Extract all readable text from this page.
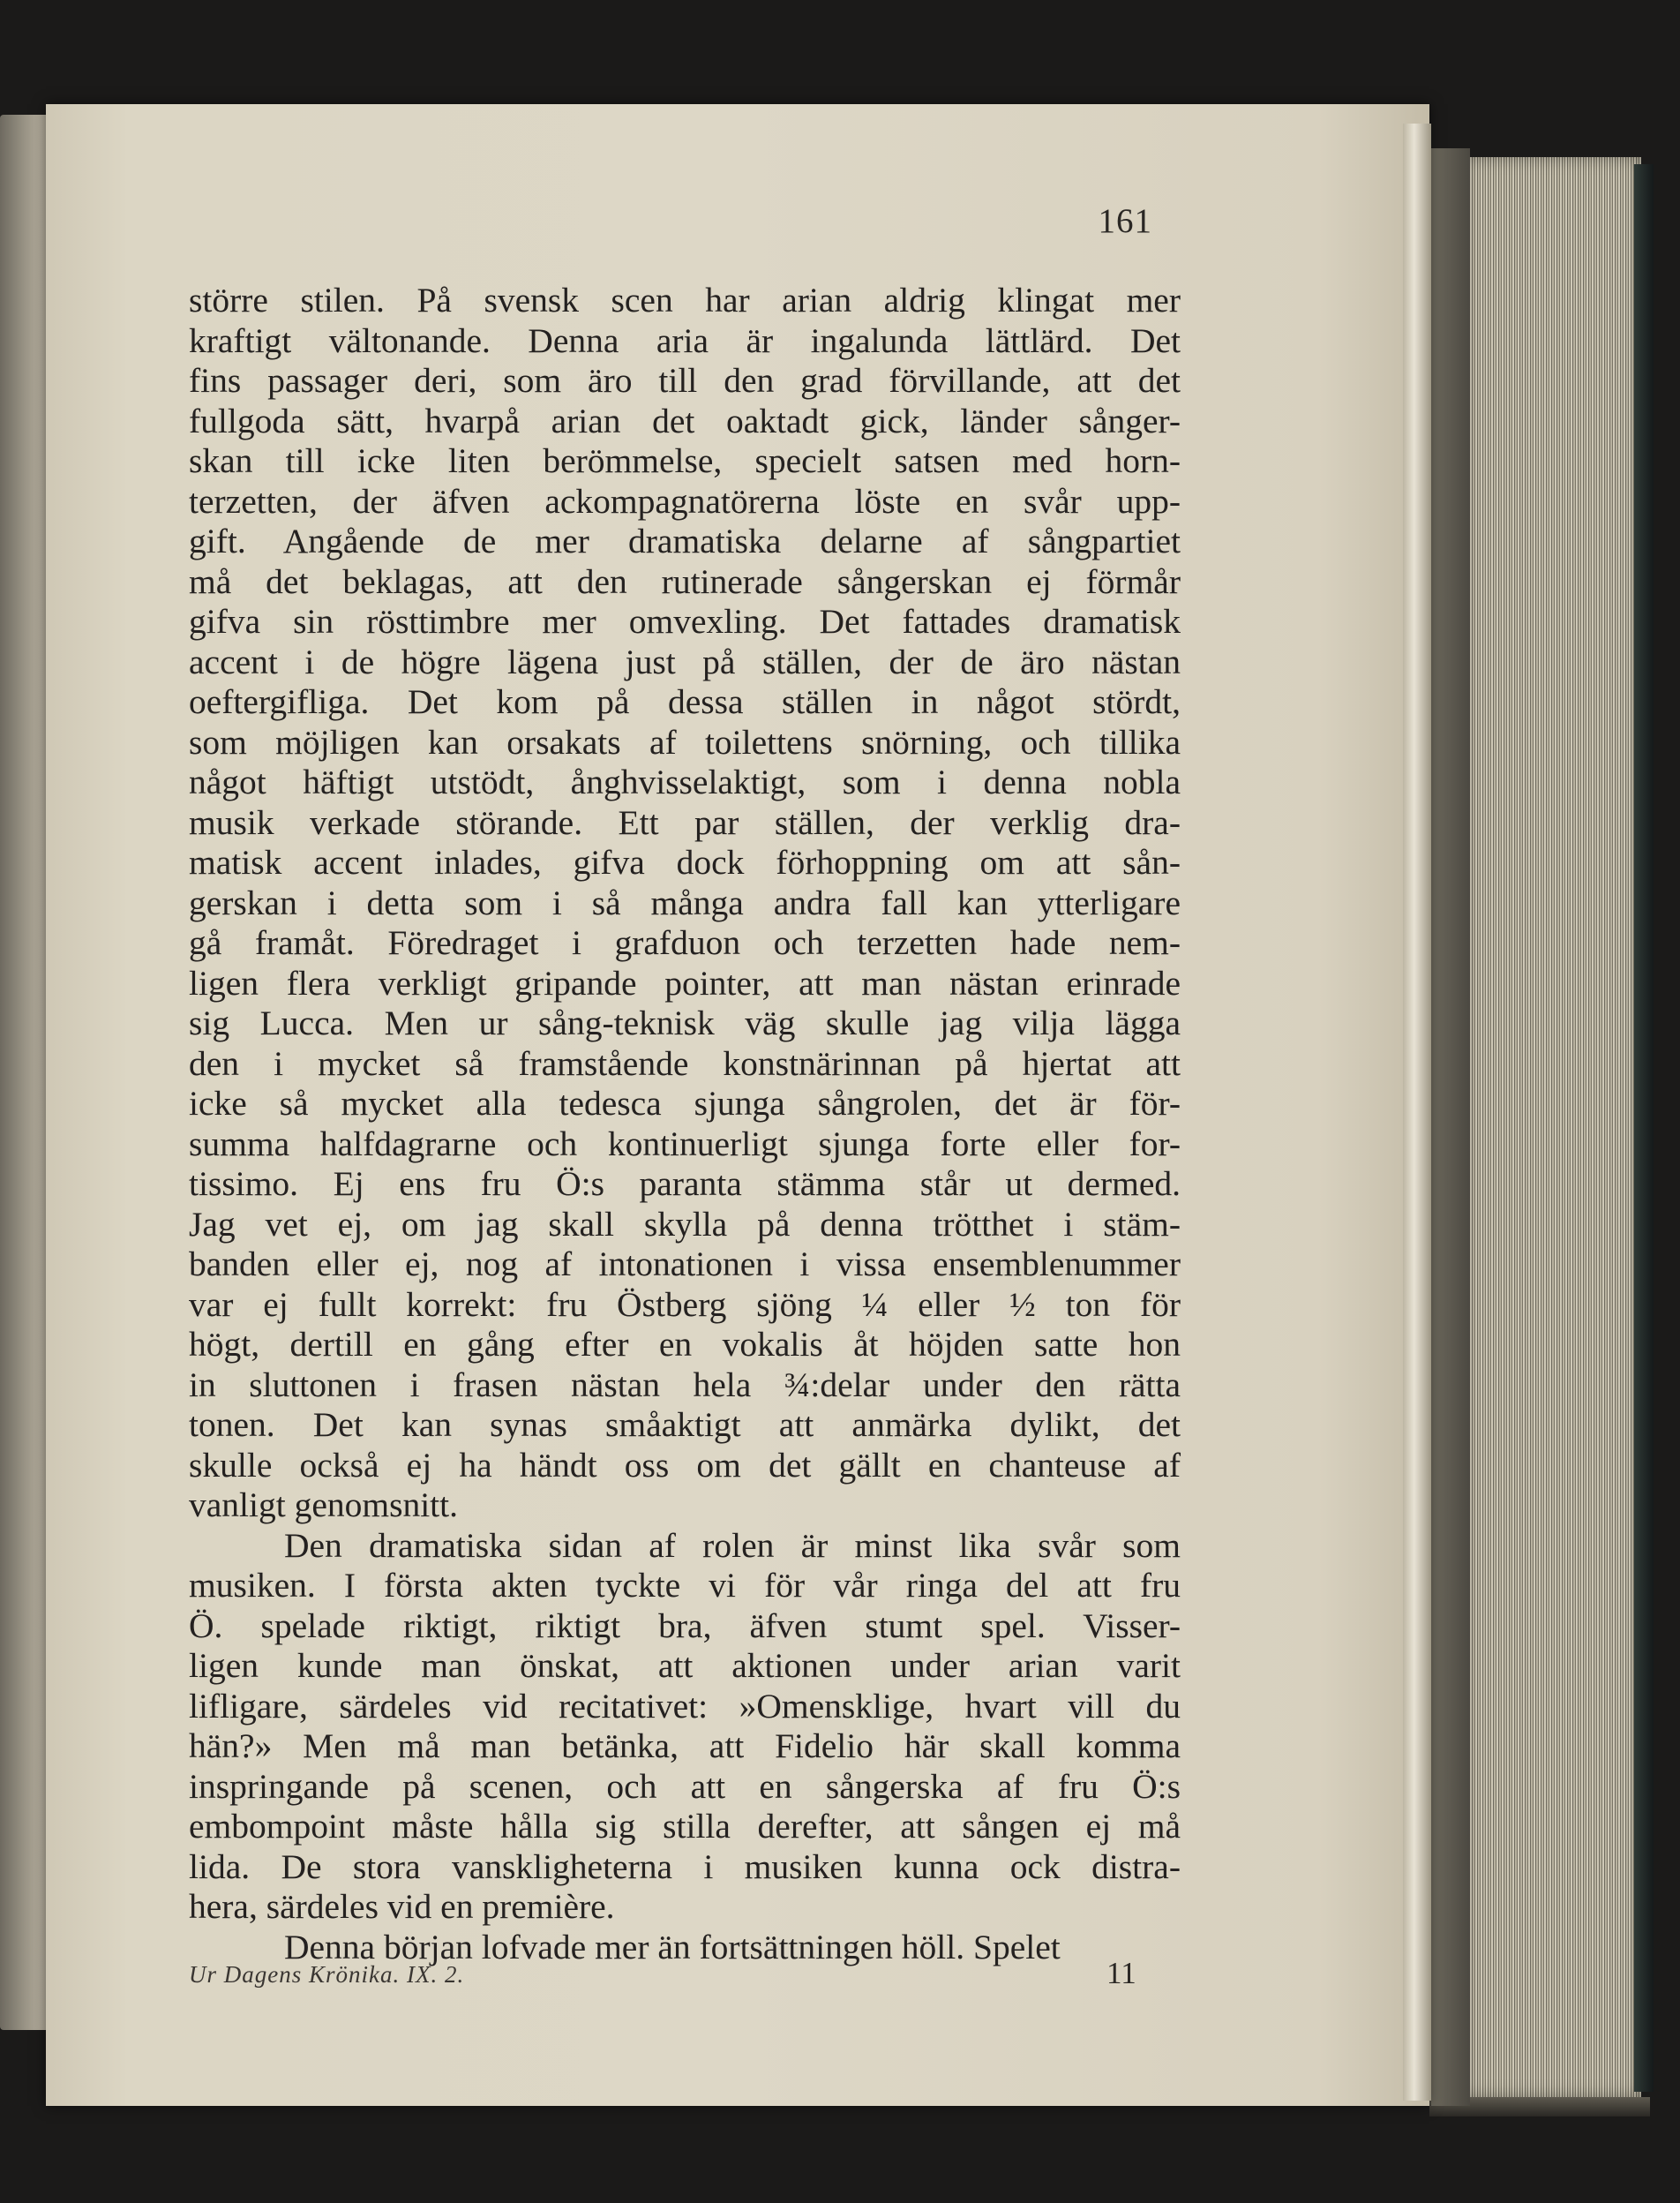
161
större stilen. På svensk scen har arian aldrig klingat mer
kraftigt vältonande. Denna aria är ingalunda lättlärd. Det
fins passager deri, som äro till den grad förvillande, att det
fullgoda sätt, hvarpå arian det oaktadt gick, länder sånger-
skan till icke liten berömmelse, specielt satsen med horn-
terzetten, der äfven ackompagnatörerna löste en svår upp-
gift. Angående de mer dramatiska delarne af sångpartiet
må det beklagas, att den rutinerade sångerskan ej förmår
gifva sin rösttimbre mer omvexling. Det fattades dramatisk
accent i de högre lägena just på ställen, der de äro nästan
oeftergifliga. Det kom på dessa ställen in något stördt,
som möjligen kan orsakats af toilettens snörning, och tillika
något häftigt utstödt, ånghvisselaktigt, som i denna nobla
musik verkade störande. Ett par ställen, der verklig dra-
matisk accent inlades, gifva dock förhoppning om att sån-
gerskan i detta som i så många andra fall kan ytterligare
gå framåt. Föredraget i grafduon och terzetten hade nem-
ligen flera verkligt gripande pointer, att man nästan erinrade
sig Lucca. Men ur sång-teknisk väg skulle jag vilja lägga
den i mycket så framstående konstnärinnan på hjertat att
icke så mycket alla tedesca sjunga sångrolen, det är för-
summa halfdagrarne och kontinuerligt sjunga forte eller for-
tissimo. Ej ens fru Ö:s paranta stämma står ut dermed.
Jag vet ej, om jag skall skylla på denna trötthet i stäm-
banden eller ej, nog af intonationen i vissa ensemblenummer
var ej fullt korrekt: fru Östberg sjöng ¼ eller ½ ton för
högt, dertill en gång efter en vokalis åt höjden satte hon
in sluttonen i frasen nästan hela ¾:delar under den rätta
tonen. Det kan synas småaktigt att anmärka dylikt, det
skulle också ej ha händt oss om det gällt en chanteuse af
vanligt genomsnitt.
Den dramatiska sidan af rolen är minst lika svår som
musiken. I första akten tyckte vi för vår ringa del att fru
Ö. spelade riktigt, riktigt bra, äfven stumt spel. Visser-
ligen kunde man önskat, att aktionen under arian varit
lifligare, särdeles vid recitativet: »Omensklige, hvart vill du
hän?» Men må man betänka, att Fidelio här skall komma
inspringande på scenen, och att en sångerska af fru Ö:s
embompoint måste hålla sig stilla derefter, att sången ej må
lida. De stora vanskligheterna i musiken kunna ock distra-
hera, särdeles vid en première.
Denna början lofvade mer än fortsättningen höll. Spelet
Ur Dagens Krönika. IX. 2.	11
